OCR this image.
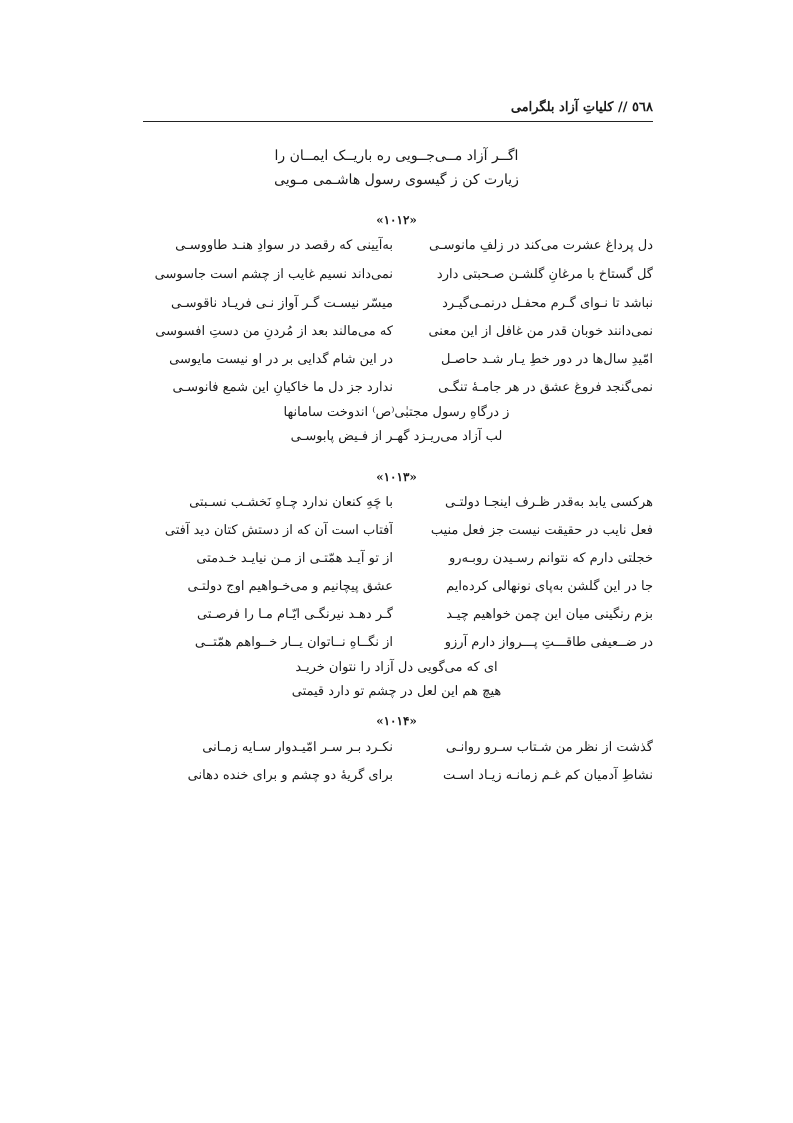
٥٦٨ // کلیاتِ آزاد بلگرامی
اگــر آزاد مــی‌جــویی ره باریــک ایمــان را
زیارت کن ز گیسوی رسول هاشـمی مـویی
«۱۰۱۲»
دل پرداغ عشرت می‌کند در زلفِ مانوسـی
به‌آیینی که رقصد در سوادِ هنـد طاووسـی
گل گستاخ با مرغانِ گلشـن صـحبتی دارد
نمی‌داند نسیم غایب از چشم است جاسوسی
نباشد تا نـوای گـرم محفـل درنمـی‌گیـرد
میسّر نیسـت گـر آواز نـی فریـاد ناقوسـی
نمی‌دانند خوبان قدر من غافل از این معنی
که می‌مالند بعد از مُردنِ من دستِ افسوسی
امّیدِ سال‌ها در دور خطِ یـار شـد حاصـل
در این شام گدایی بر در او نیست مایوسی
نمی‌گنجد فروغ عشق در هر جامـهٔ تنگـی
ندارد جز دل ما خاکیانِ این شمع فانوسـی
ز درگاهِ رسول مجتبٰی⁽ص⁾ اندوخت سامانها
لب آزاد می‌ریـزد گهـر از فـیض پابوسـی
«۱۰۱۳»
هرکسی یابد به‌قدر ظـرف اینجـا دولتـی
با چَهِ کنعان ندارد چـاهِ نَخشـب نسـبتی
فعل نایب در حقیقت نیست جز فعل منیب
آفتاب است آن که از دستش کتان دید آفتی
خجلتی دارم که نتوانم رسـیدن روبـه‌رو
از تو آیـد همّتـی از مـن نیایـد خـدمتی
جا در این گلشن به‌پای نونهالی کرده‌ایم
عشق پیچانیم و می‌خـواهیم اوج دولتـی
بزم رنگینی میان این چمن خواهیم چیـد
گـر دهـد نیرنگـی ایّـام مـا را فرصـتی
در ضــعیفی طاقـــتِ پـــرواز دارم آرزو
از نگــاهِ نــاتوان یــار خــواهم همّتــی
ای که می‌گویی دل آزاد را نتوان خریـد
هیچ هم این لعل در چشم تو دارد قیمتی
«۱۰۱۴»
گذشت از نظر من شـتاب سـرو روانـی
نکـرد بـر سـر امّیـدوار سـایه زمـانی
نشاطِ آدمیان کم غـم زمانـه زیـاد اسـت
برای گریهٔ دو چشم و برای خنده دهانی
